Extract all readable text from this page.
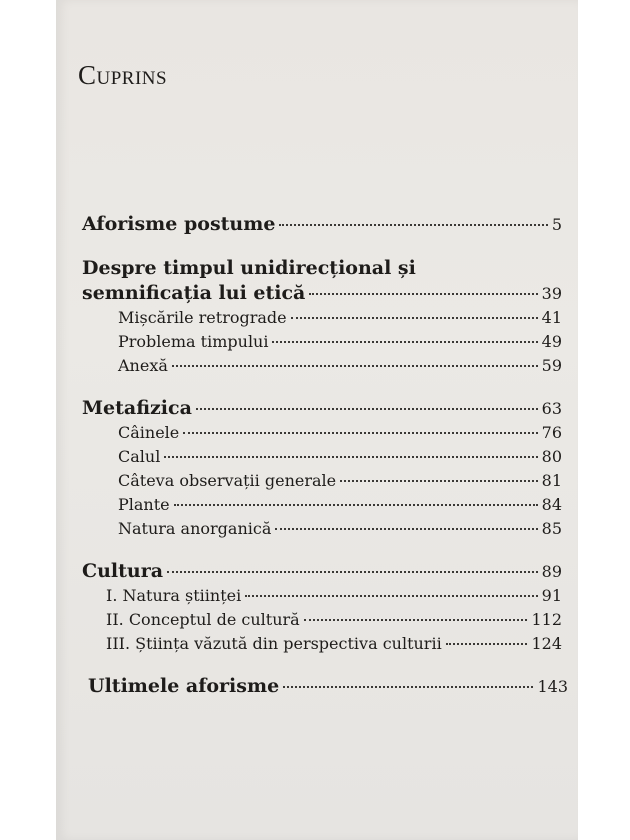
Cuprins
Aforisme postume	5
Despre timpul unidirecțional și
semnificația lui etică	39
Mișcările retrograde	41
Problema timpului	49
Anexă	59
Metafizica	63
Câinele	76
Calul	80
Câteva observații generale	81
Plante	84
Natura anorganică	85
Cultura	89
I. Natura științei	91
II. Conceptul de cultură	112
III. Știința văzută din perspectiva culturii	124
Ultimele aforisme	143
